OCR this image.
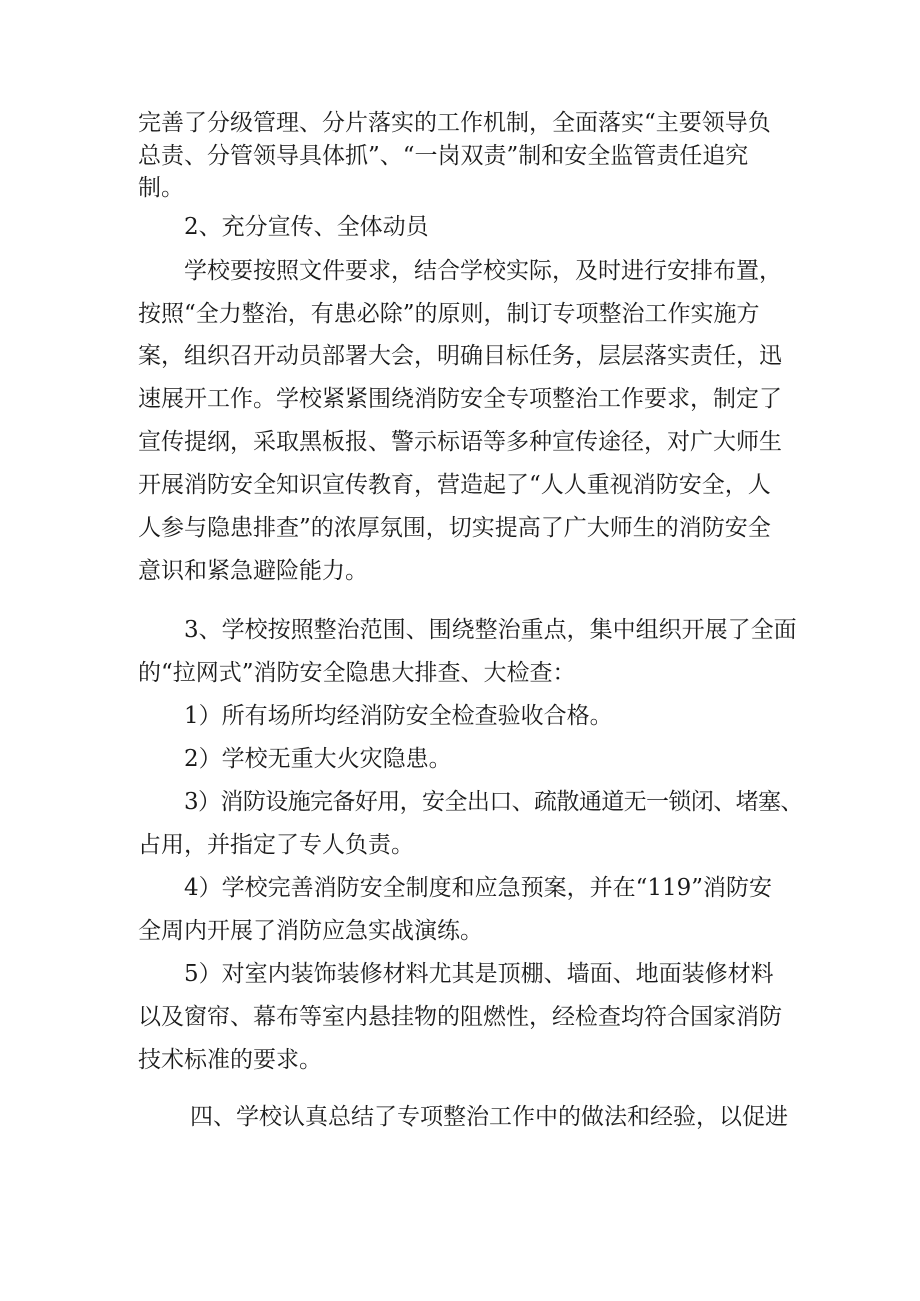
完善了分级管理、分片落实的工作机制，全面落实“主要领导负
总责、分管领导具体抓”、“一岗双责”制和安全监管责任追究
制。
2、充分宣传、全体动员
学校要按照文件要求，结合学校实际，及时进行安排布置，
按照“全力整治，有患必除”的原则，制订专项整治工作实施方
案，组织召开动员部署大会，明确目标任务，层层落实责任，迅
速展开工作。学校紧紧围绕消防安全专项整治工作要求，制定了
宣传提纲，采取黑板报、警示标语等多种宣传途径，对广大师生
开展消防安全知识宣传教育，营造起了“人人重视消防安全，人
人参与隐患排查”的浓厚氛围，切实提高了广大师生的消防安全
意识和紧急避险能力。
3、学校按照整治范围、围绕整治重点，集中组织开展了全面
的“拉网式”消防安全隐患大排查、大检查：
1）所有场所均经消防安全检查验收合格。
2）学校无重大火灾隐患。
3）消防设施完备好用，安全出口、疏散通道无一锁闭、堵塞、
占用，并指定了专人负责。
4）学校完善消防安全制度和应急预案，并在“119”消防安
全周内开展了消防应急实战演练。
5）对室内装饰装修材料尤其是顶棚、墙面、地面装修材料
以及窗帘、幕布等室内悬挂物的阻燃性，经检查均符合国家消防
技术标准的要求。
四、学校认真总结了专项整治工作中的做法和经验，以促进
